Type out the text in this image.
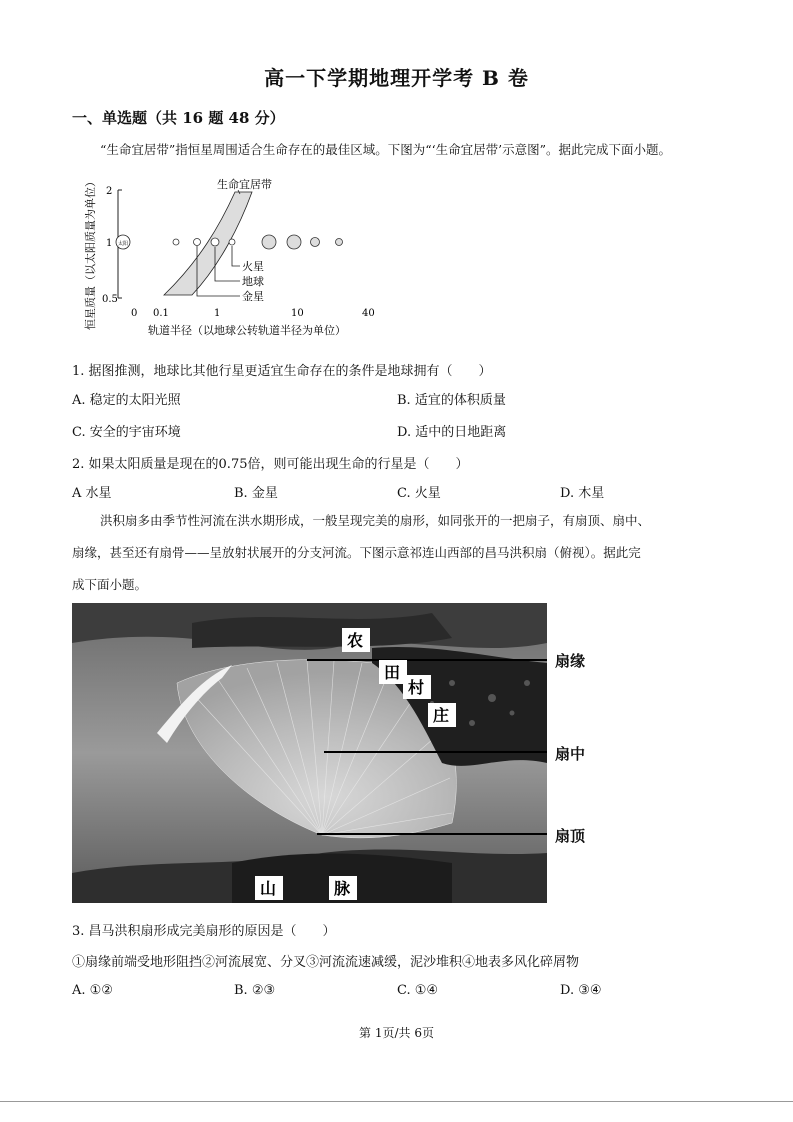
高一下学期地理开学考 B 卷
一、单选题（共 16 题 48 分）
“生命宜居带”指恒星周围适合生命存在的最佳区域。下图为“‘生命宜居带’示意图”。据此完成下面小题。
恒星质量（以太阳质量为单位） 2
1
0.5
0 0.1	1	10	40
轨道半径（以地球公转轨道半径为单位）
生命宜居带
太阳
火星
地球
金星
1. 据图推测，地球比其他行星更适宜生命存在的条件是地球拥有（　　）
A. 稳定的太阳光照	B. 适宜的体积质量
C. 安全的宇宙环境	D. 适中的日地距离
2. 如果太阳质量是现在的0.75倍，则可能出现生命的行星是（　　）
A 水星	B. 金星	C. 火星	D. 木星
洪积扇多由季节性河流在洪水期形成，一般呈现完美的扇形，如同张开的一把扇子，有扇顶、扇中、
扇缘，甚至还有扇骨——呈放射状展开的分支河流。下图示意祁连山西部的昌马洪积扇（俯视）。据此完
成下面小题。
农
田
村
庄
山	脉
扇缘
扇中
扇顶
3. 昌马洪积扇形成完美扇形的原因是（　　）
①扇缘前端受地形阻挡②河流展宽、分叉③河流流速减缓，泥沙堆积④地表多风化碎屑物
A. ①②	B. ②③	C. ①④	D. ③④
第 1页/共 6页
